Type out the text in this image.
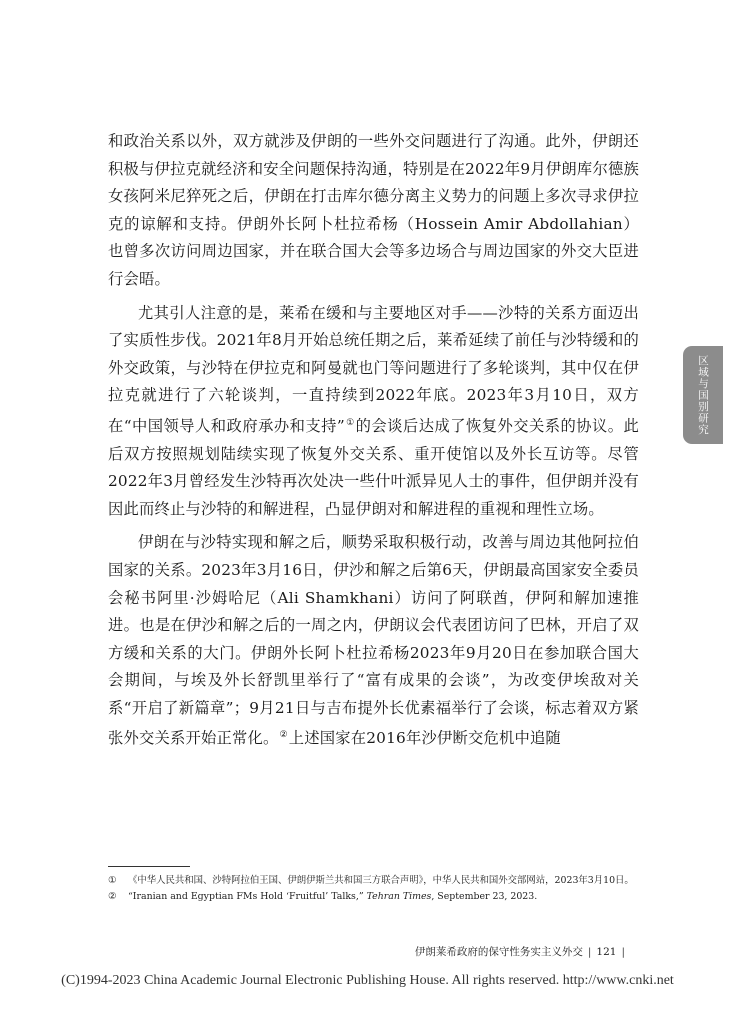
和政治关系以外，双方就涉及伊朗的一些外交问题进行了沟通。此外，伊朗还积极与伊拉克就经济和安全问题保持沟通，特别是在2022年9月伊朗库尔德族女孩阿米尼猝死之后，伊朗在打击库尔德分离主义势力的问题上多次寻求伊拉克的谅解和支持。伊朗外长阿卜杜拉希杨（Hossein Amir Abdollahian）也曾多次访问周边国家，并在联合国大会等多边场合与周边国家的外交大臣进行会晤。

尤其引人注意的是，莱希在缓和与主要地区对手——沙特的关系方面迈出了实质性步伐。2021年8月开始总统任期之后，莱希延续了前任与沙特缓和的外交政策，与沙特在伊拉克和阿曼就也门等问题进行了多轮谈判，其中仅在伊拉克就进行了六轮谈判，一直持续到2022年底。2023年3月10日，双方在“中国领导人和政府承办和支持”①的会谈后达成了恢复外交关系的协议。此后双方按照规划陆续实现了恢复外交关系、重开使馆以及外长互访等。尽管2022年3月曾经发生沙特再次处决一些什叶派异见人士的事件，但伊朗并没有因此而终止与沙特的和解进程，凸显伊朗对和解进程的重视和理性立场。

伊朗在与沙特实现和解之后，顺势采取积极行动，改善与周边其他阿拉伯国家的关系。2023年3月16日，伊沙和解之后第6天，伊朗最高国家安全委员会秘书阿里·沙姆哈尼（Ali Shamkhani）访问了阿联酋，伊阿和解加速推进。也是在伊沙和解之后的一周之内，伊朗议会代表团访问了巴林，开启了双方缓和关系的大门。伊朗外长阿卜杜拉希杨2023年9月20日在参加联合国大会期间，与埃及外长舒凯里举行了“富有成果的会谈”，为改变伊埃敌对关系“开启了新篇章”；9月21日与吉布提外长优素福举行了会谈，标志着双方紧张外交关系开始正常化。②上述国家在2016年沙伊断交危机中追随

区域与国别研究
①	《中华人民共和国、沙特阿拉伯王国、伊朗伊斯兰共和国三方联合声明》，中华人民共和国外交部网站，2023年3月10日。
②	“Iranian and Egyptian FMs Hold ‘Fruitful’ Talks,” Tehran Times, September 23, 2023.
伊朗莱希政府的保守性务实主义外交 | 121 |
(C)1994-2023 China Academic Journal Electronic Publishing House. All rights reserved. http://www.cnki.net
